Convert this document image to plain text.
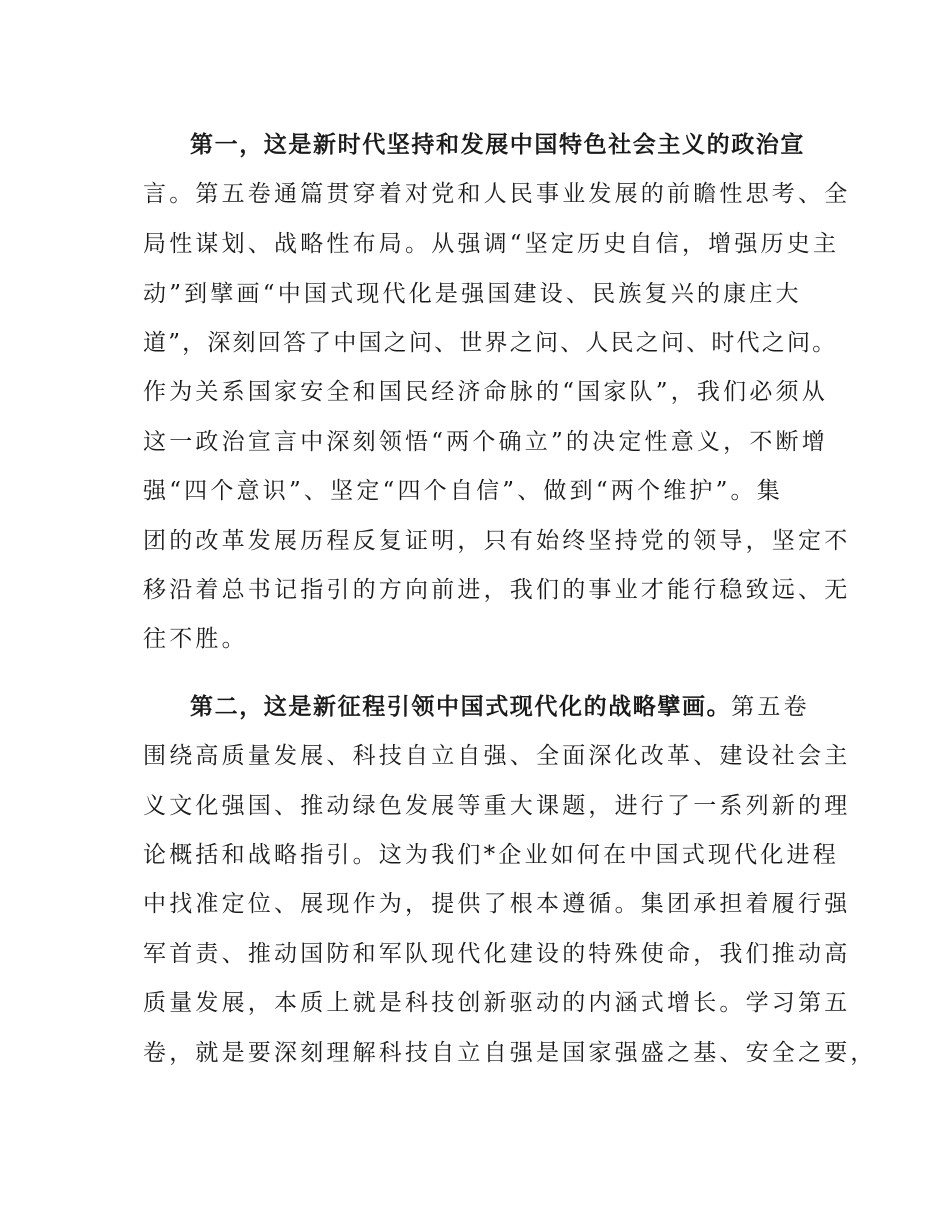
第一，这是新时代坚持和发展中国特色社会主义的政治宣
言。第五卷通篇贯穿着对党和人民事业发展的前瞻性思考、全
局性谋划、战略性布局。从强调“坚定历史自信，增强历史主
动”到擘画“中国式现代化是强国建设、民族复兴的康庄大
道”，深刻回答了中国之问、世界之问、人民之问、时代之问。
作为关系国家安全和国民经济命脉的“国家队”，我们必须从
这一政治宣言中深刻领悟“两个确立”的决定性意义，不断增
强“四个意识”、坚定“四个自信”、做到“两个维护”。集
团的改革发展历程反复证明，只有始终坚持党的领导，坚定不
移沿着总书记指引的方向前进，我们的事业才能行稳致远、无
往不胜。
第二，这是新征程引领中国式现代化的战略擘画。第五卷
围绕高质量发展、科技自立自强、全面深化改革、建设社会主
义文化强国、推动绿色发展等重大课题，进行了一系列新的理
论概括和战略指引。这为我们*企业如何在中国式现代化进程
中找准定位、展现作为，提供了根本遵循。集团承担着履行强
军首责、推动国防和军队现代化建设的特殊使命，我们推动高
质量发展，本质上就是科技创新驱动的内涵式增长。学习第五
卷，就是要深刻理解科技自立自强是国家强盛之基、安全之要，
